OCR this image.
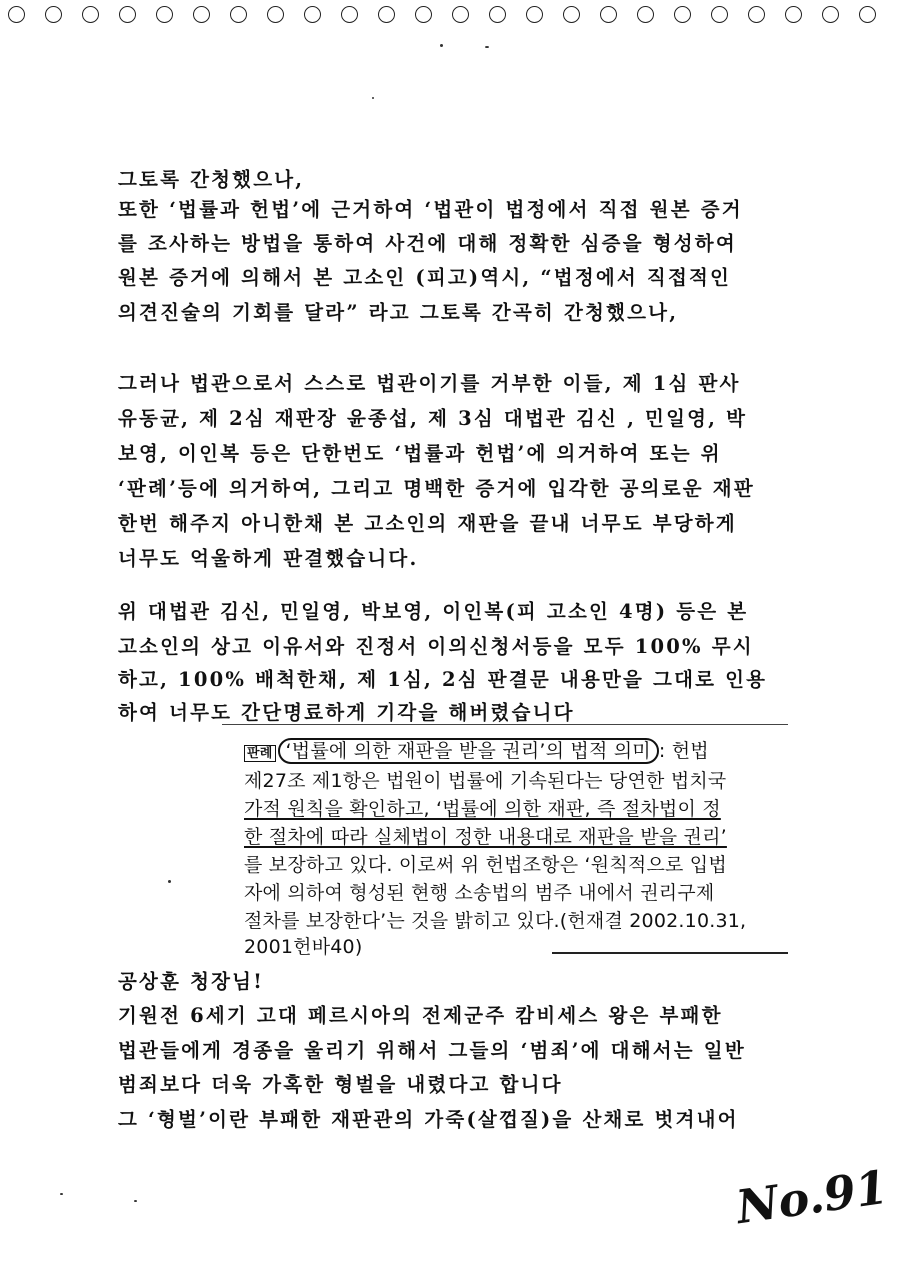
그토록 간청했으나,
또한 ‘법률과 헌법’에 근거하여 ‘법관이 법정에서 직접 원본 증거
를 조사하는 방법을 통하여 사건에 대해 정확한 심증을 형성하여
원본 증거에 의해서 본 고소인 (피고)역시, “법정에서 직접적인
의견진술의 기회를 달라” 라고 그토록 간곡히 간청했으나,
그러나 법관으로서 스스로 법관이기를 거부한 이들, 제 1심 판사
유동균, 제 2심 재판장 윤종섭, 제 3심 대법관 김신 , 민일영, 박
보영, 이인복 등은 단한번도 ‘법률과 헌법’에 의거하여 또는 위
‘판례’등에 의거하여, 그리고 명백한 증거에 입각한 공의로운 재판
한번 해주지 아니한채 본 고소인의 재판을 끝내 너무도 부당하게
너무도 억울하게 판결했습니다.
위 대법관 김신, 민일영, 박보영, 이인복(피 고소인 4명) 등은 본
고소인의 상고 이유서와 진정서 이의신청서등을 모두 100% 무시
하고, 100% 배척한채, 제 1심, 2심 판결문 내용만을 그대로 인용
하여 너무도 간단명료하게 기각을 해버렸습니다
판례 ‘법률에 의한 재판을 받을 권리’의 법적 의미 : 헌법
제27조 제1항은 법원이 법률에 기속된다는 당연한 법치국
가적 원칙을 확인하고, ‘법률에 의한 재판, 즉 절차법이 정
한 절차에 따라 실체법이 정한 내용대로 재판을 받을 권리’
를 보장하고 있다. 이로써 위 헌법조항은 ‘원칙적으로 입법
자에 의하여 형성된 현행 소송법의 범주 내에서 권리구제
절차를 보장한다’는 것을 밝히고 있다.(헌재결 2002.10.31,
2001헌바40)
공상훈 청장님!
기원전 6세기 고대 페르시아의 전제군주 캄비세스 왕은 부패한
법관들에게 경종을 울리기 위해서 그들의 ‘범죄’에 대해서는 일반
범죄보다 더욱 가혹한 형벌을 내렸다고 합니다
그 ‘형벌’이란 부패한 재판관의 가죽(살껍질)을 산채로 벗겨내어
No.91
